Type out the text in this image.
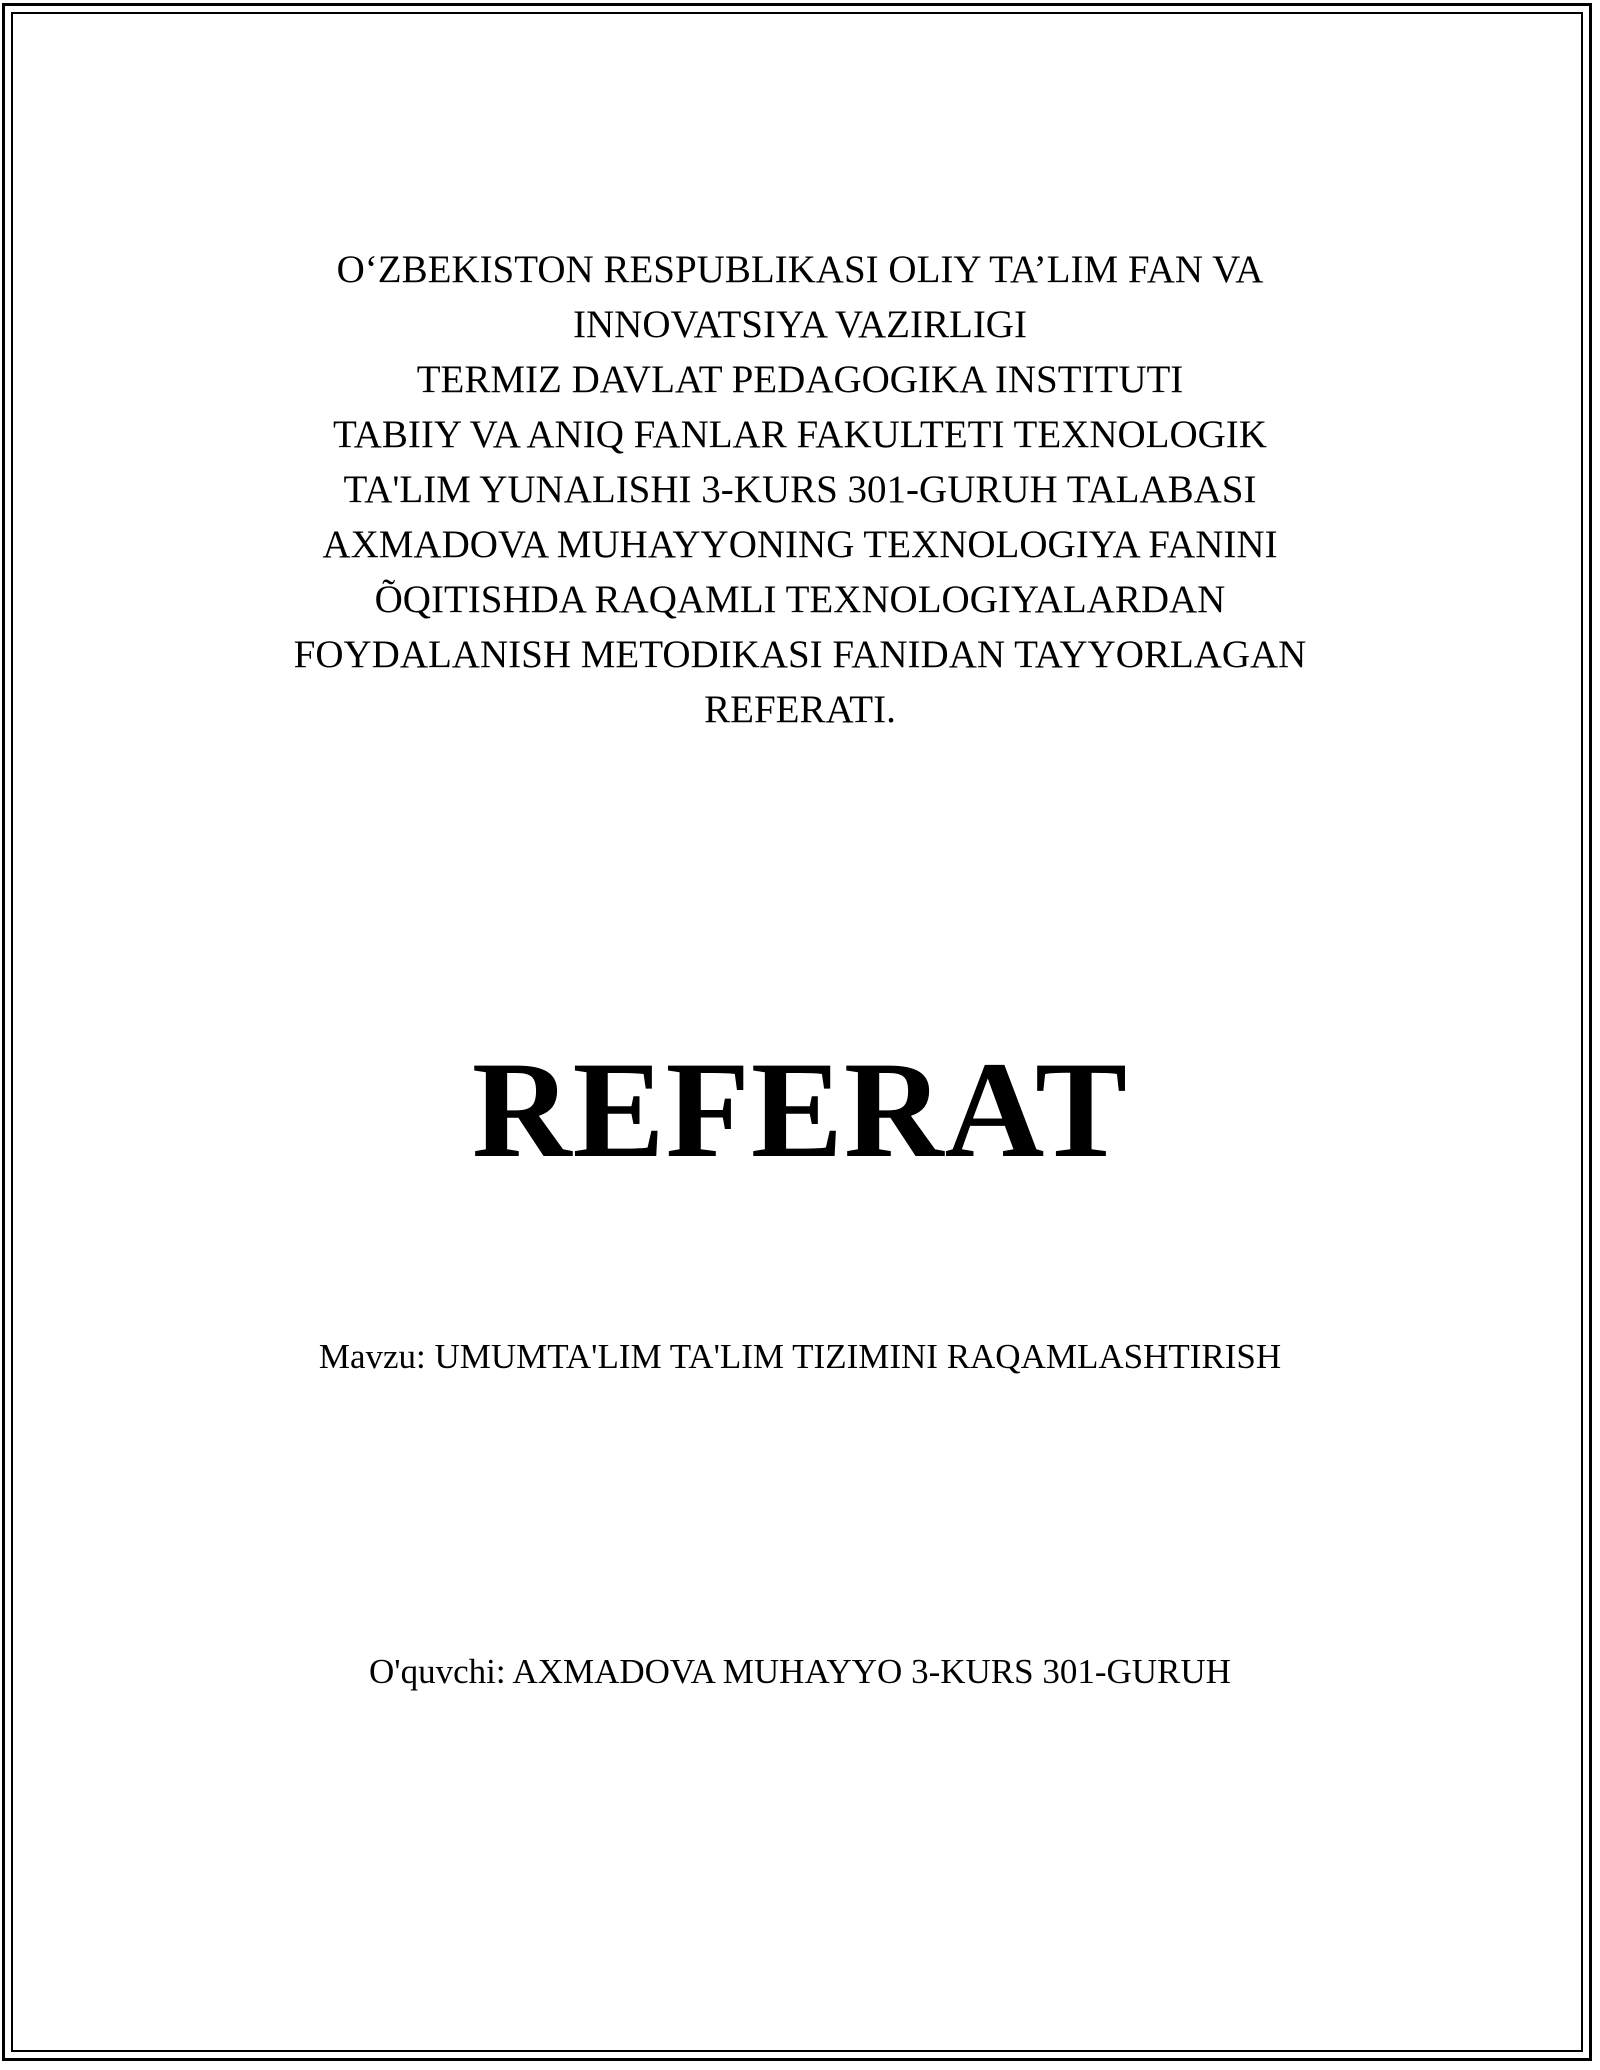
O‘ZBEKISTON RESPUBLIKASI OLIY TA’LIM FAN VA
INNOVATSIYA VAZIRLIGI
TERMIZ DAVLAT PEDAGOGIKA INSTITUTI
TABIIY VA ANIQ FANLAR FAKULTETI TEXNOLOGIK
TA'LIM YUNALISHI 3-KURS 301-GURUH TALABASI
AXMADOVA MUHAYYONING TEXNOLOGIYA FANINI
ÕQITISHDA RAQAMLI TEXNOLOGIYALARDAN
FOYDALANISH METODIKASI FANIDAN TAYYORLAGAN
REFERATI.
REFERAT
Mavzu: UMUMTA'LIM TA'LIM TIZIMINI RAQAMLASHTIRISH
O'quvchi: AXMADOVA MUHAYYO 3-KURS 301-GURUH
